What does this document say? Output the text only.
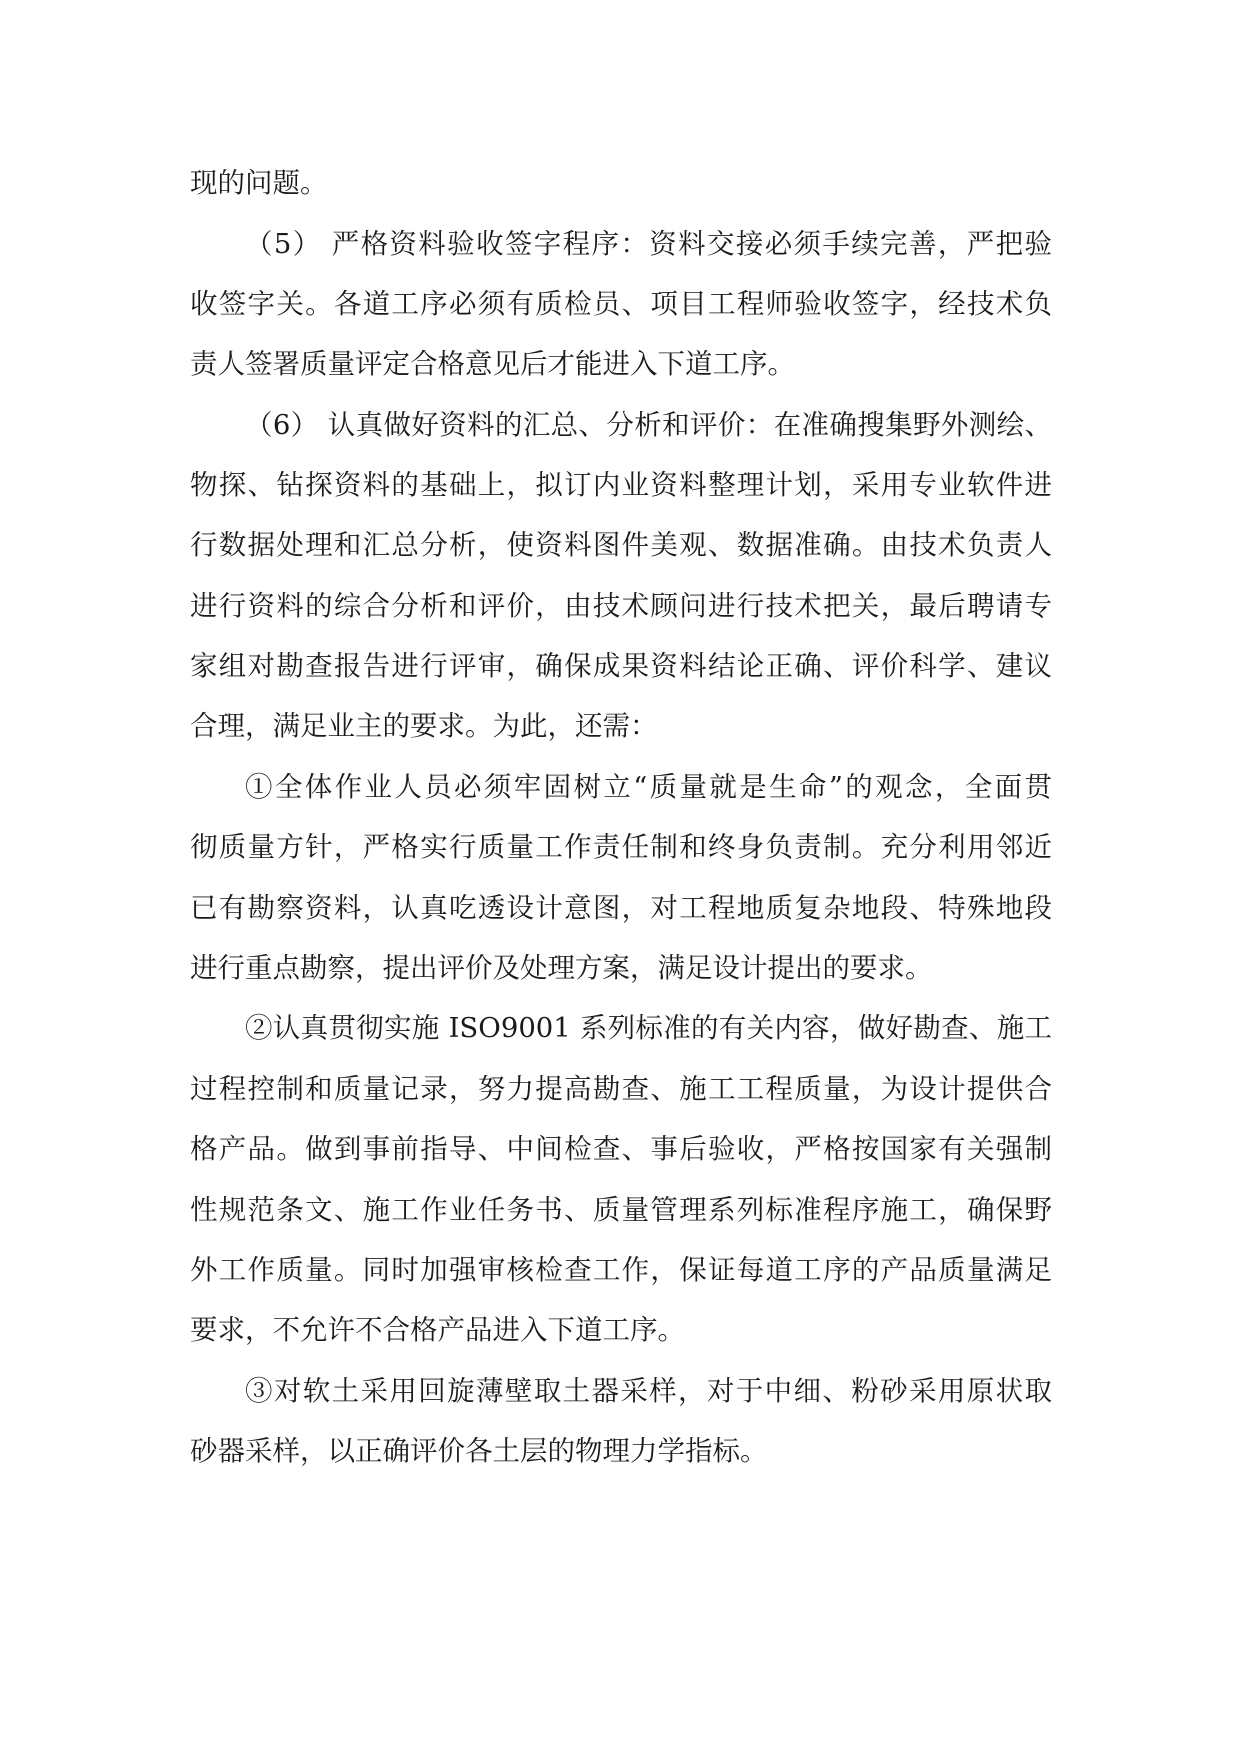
现的问题。
（5） 严格资料验收签字程序：资料交接必须手续完善，严把验
收签字关。各道工序必须有质检员、项目工程师验收签字，经技术负
责人签署质量评定合格意见后才能进入下道工序。
（6） 认真做好资料的汇总、分析和评价：在准确搜集野外测绘、
物探、钻探资料的基础上，拟订内业资料整理计划，采用专业软件进
行数据处理和汇总分析，使资料图件美观、数据准确。由技术负责人
进行资料的综合分析和评价，由技术顾问进行技术把关，最后聘请专
家组对勘查报告进行评审，确保成果资料结论正确、评价科学、建议
合理，满足业主的要求。为此，还需：
①全体作业人员必须牢固树立“质量就是生命”的观念，全面贯
彻质量方针，严格实行质量工作责任制和终身负责制。充分利用邻近
已有勘察资料，认真吃透设计意图，对工程地质复杂地段、特殊地段
进行重点勘察，提出评价及处理方案，满足设计提出的要求。
②认真贯彻实施 ISO9001 系列标准的有关内容，做好勘查、施工
过程控制和质量记录，努力提高勘查、施工工程质量，为设计提供合
格产品。做到事前指导、中间检查、事后验收，严格按国家有关强制
性规范条文、施工作业任务书、质量管理系列标准程序施工，确保野
外工作质量。同时加强审核检查工作，保证每道工序的产品质量满足
要求，不允许不合格产品进入下道工序。
③对软土采用回旋薄壁取土器采样，对于中细、粉砂采用原状取
砂器采样，以正确评价各土层的物理力学指标。
